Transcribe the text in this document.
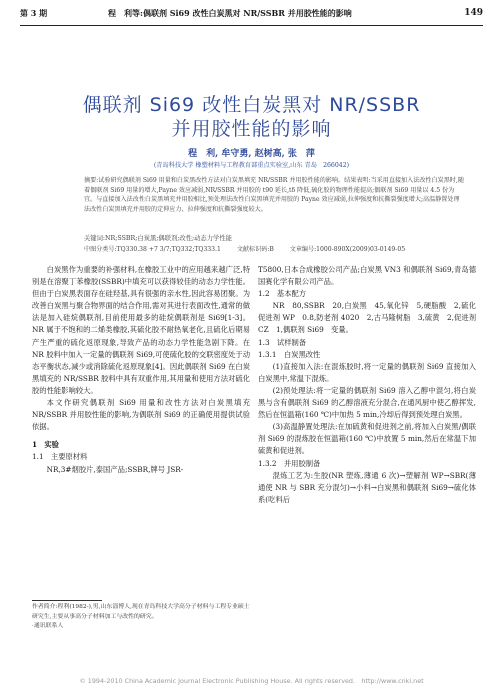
第 3 期	程　利等:偶联剂 Si69 改性白炭黑对 NR/SSBR 并用胶性能的影响	149
偶联剂 Si69 改性白炭黑对 NR/SSBR
并用胶性能的影响
程　利, 牟守勇, 赵树高, 张　萍
(青岛科技大学 橡塑材料与工程教育部重点实验室,山东 青岛　266042)
摘要:试验研究偶联剂 Si69 用量和白炭黑改性方法对白炭黑填充 NR/SSBR 并用胶性能的影响。结果表明:当采用直接加入法改性白炭黑时,随着偶联剂 Si69 用量的增大,Payne 效应减弱,NR/SSBR 并用胶的 t90 延长,tδ 降低,硫化胶的物理性能提高;偶联剂 Si69 用量以 4.5 份为宜。与直接加入法改性白炭黑填充并用胶相比,预处理法改性白炭黑填充并用胶的 Payne 效应减弱,拉伸强度和抗撕裂强度增大;高温静置处理法改性白炭黑填充并用胶的定伸应力、拉伸强度和抗撕裂强度较大。
关键词:NR;SSBR;白炭黑;偶联剂;改性;动态力学性能
中图分类号:TQ330.38 +7 3/7;TQ332;TQ333.1	文献标识码:B	文章编号:1000-890X(2009)03-0149-05

白炭黑作为重要的补强材料,在橡胶工业中的应用越来越广泛,特别是在溶聚丁苯橡胶(SSBR)中填充可以获得较佳的动态力学性能。但由于白炭黑表面存在硅羟基,具有很强的亲水性,因此容易团聚。为改善白炭黑与聚合物界面的结合作用,需对其进行表面改性,通常的做法是加入硅烷偶联剂,目前使用最多的硅烷偶联剂是 Si69[1-3]。NR 属于不饱和的二烯类橡胶,其硫化胶不耐热氧老化,且硫化后期易产生严重的硫化返原现象,导致产品的动态力学性能急剧下降。在 NR 胶料中加入一定量的偶联剂 Si69,可使硫化胶的交联密度处于动态平衡状态,减少或消除硫化返原现象[4]。因此偶联剂 Si69 在白炭黑填充的 NR/SSBR 胶料中具有双重作用,其用量和使用方法对硫化胶的性能影响较大。

本文作研究偶联剂 Si69 用量和改性方法对白炭黑填充 NR/SSBR 并用胶性能的影响,为偶联剂 Si69 的正确使用提供试验依据。

1　实验

1.1　主要原材料

NR,3#烟胶片,泰国产品;SSBR,牌号 JSR-

作者简介:程利(1982-),男,山东淄博人,现在青岛科技大学高分子材料与工程专业硕士研究生,主要从事高分子材料加工与改性的研究。

·通讯联系人

T5800,日本合成橡胶公司产品;白炭黑 VN3 和偶联剂 Si69,青岛德国赛化学有限公司产品。

1.2　基本配方

NR　80,SSBR　20,白炭黑　45,氧化锌　5,硬脂酸　2,硫化促进剂 WP　0.8,防老剂 4020　2,古马隆树脂　3,硫黄　2,促进剂 CZ　1,偶联剂 Si69　变量。

1.3　试样制备

1.3.1　白炭黑改性

(1)直接加入法:在混炼胶时,将一定量的偶联剂 Si69 直接加入白炭黑中,常温下混炼。

(2)预处理法:将一定量的偶联剂 Si69 溶入乙醇中混匀,将白炭黑与含有偶联剂 Si69 的乙醇溶液充分混合,在通风厨中使乙醇挥发,然后在恒温箱(160 ℃)中加热 5 min,冷却后得到预处理白炭黑。

(3)高温静置处理法:在加硫黄和促进剂之前,将加入白炭黑/偶联剂 Si69 的混炼胶在恒温箱(160 ℃)中放置 5 min,然后在常温下加硫黄和促进剂。

1.3.2　并用胶制备

混炼工艺为:生胶(NR 塑炼,薄通 6 次)→塑解剂 WP→SBR(薄通使 NR 与 SBR 充分混匀)→小料→白炭黑和偶联剂 Si69→硫化体系(吃料后

© 1994-2010 China Academic Journal Electronic Publishing House. All rights reserved.　http://www.cnki.net
